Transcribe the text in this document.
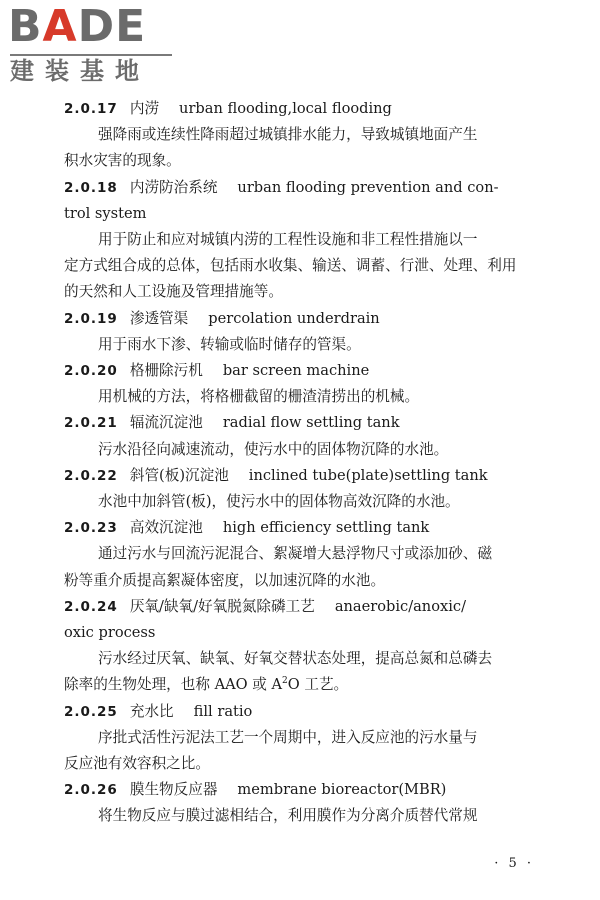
BADE
建装基地

2.0.17 内涝 urban flooding,local flooding

强降雨或连续性降雨超过城镇排水能力，导致城镇地面产生

积水灾害的现象。

2.0.18 内涝防治系统 urban flooding prevention and con-

trol system

用于防止和应对城镇内涝的工程性设施和非工程性措施以一

定方式组合成的总体，包括雨水收集、输送、调蓄、行泄、处理、利用

的天然和人工设施及管理措施等。

2.0.19 渗透管渠 percolation underdrain

用于雨水下渗、转输或临时储存的管渠。

2.0.20 格栅除污机 bar screen machine

用机械的方法，将格栅截留的栅渣清捞出的机械。

2.0.21 辐流沉淀池 radial flow settling tank

污水沿径向减速流动，使污水中的固体物沉降的水池。

2.0.22 斜管(板)沉淀池 inclined tube(plate)settling tank

水池中加斜管(板)，使污水中的固体物高效沉降的水池。

2.0.23 高效沉淀池 high efficiency settling tank

通过污水与回流污泥混合、絮凝增大悬浮物尺寸或添加砂、磁

粉等重介质提高絮凝体密度，以加速沉降的水池。

2.0.24 厌氧/缺氧/好氧脱氮除磷工艺 anaerobic/anoxic/

oxic process

污水经过厌氧、缺氧、好氧交替状态处理，提高总氮和总磷去

除率的生物处理，也称 AAO 或 $A^2O$ 工艺。

2.0.25 充水比 fill ratio

序批式活性污泥法工艺一个周期中，进入反应池的污水量与

反应池有效容积之比。

2.0.26 膜生物反应器 membrane bioreactor(MBR)

将生物反应与膜过滤相结合，利用膜作为分离介质替代常规

· 5 ·
